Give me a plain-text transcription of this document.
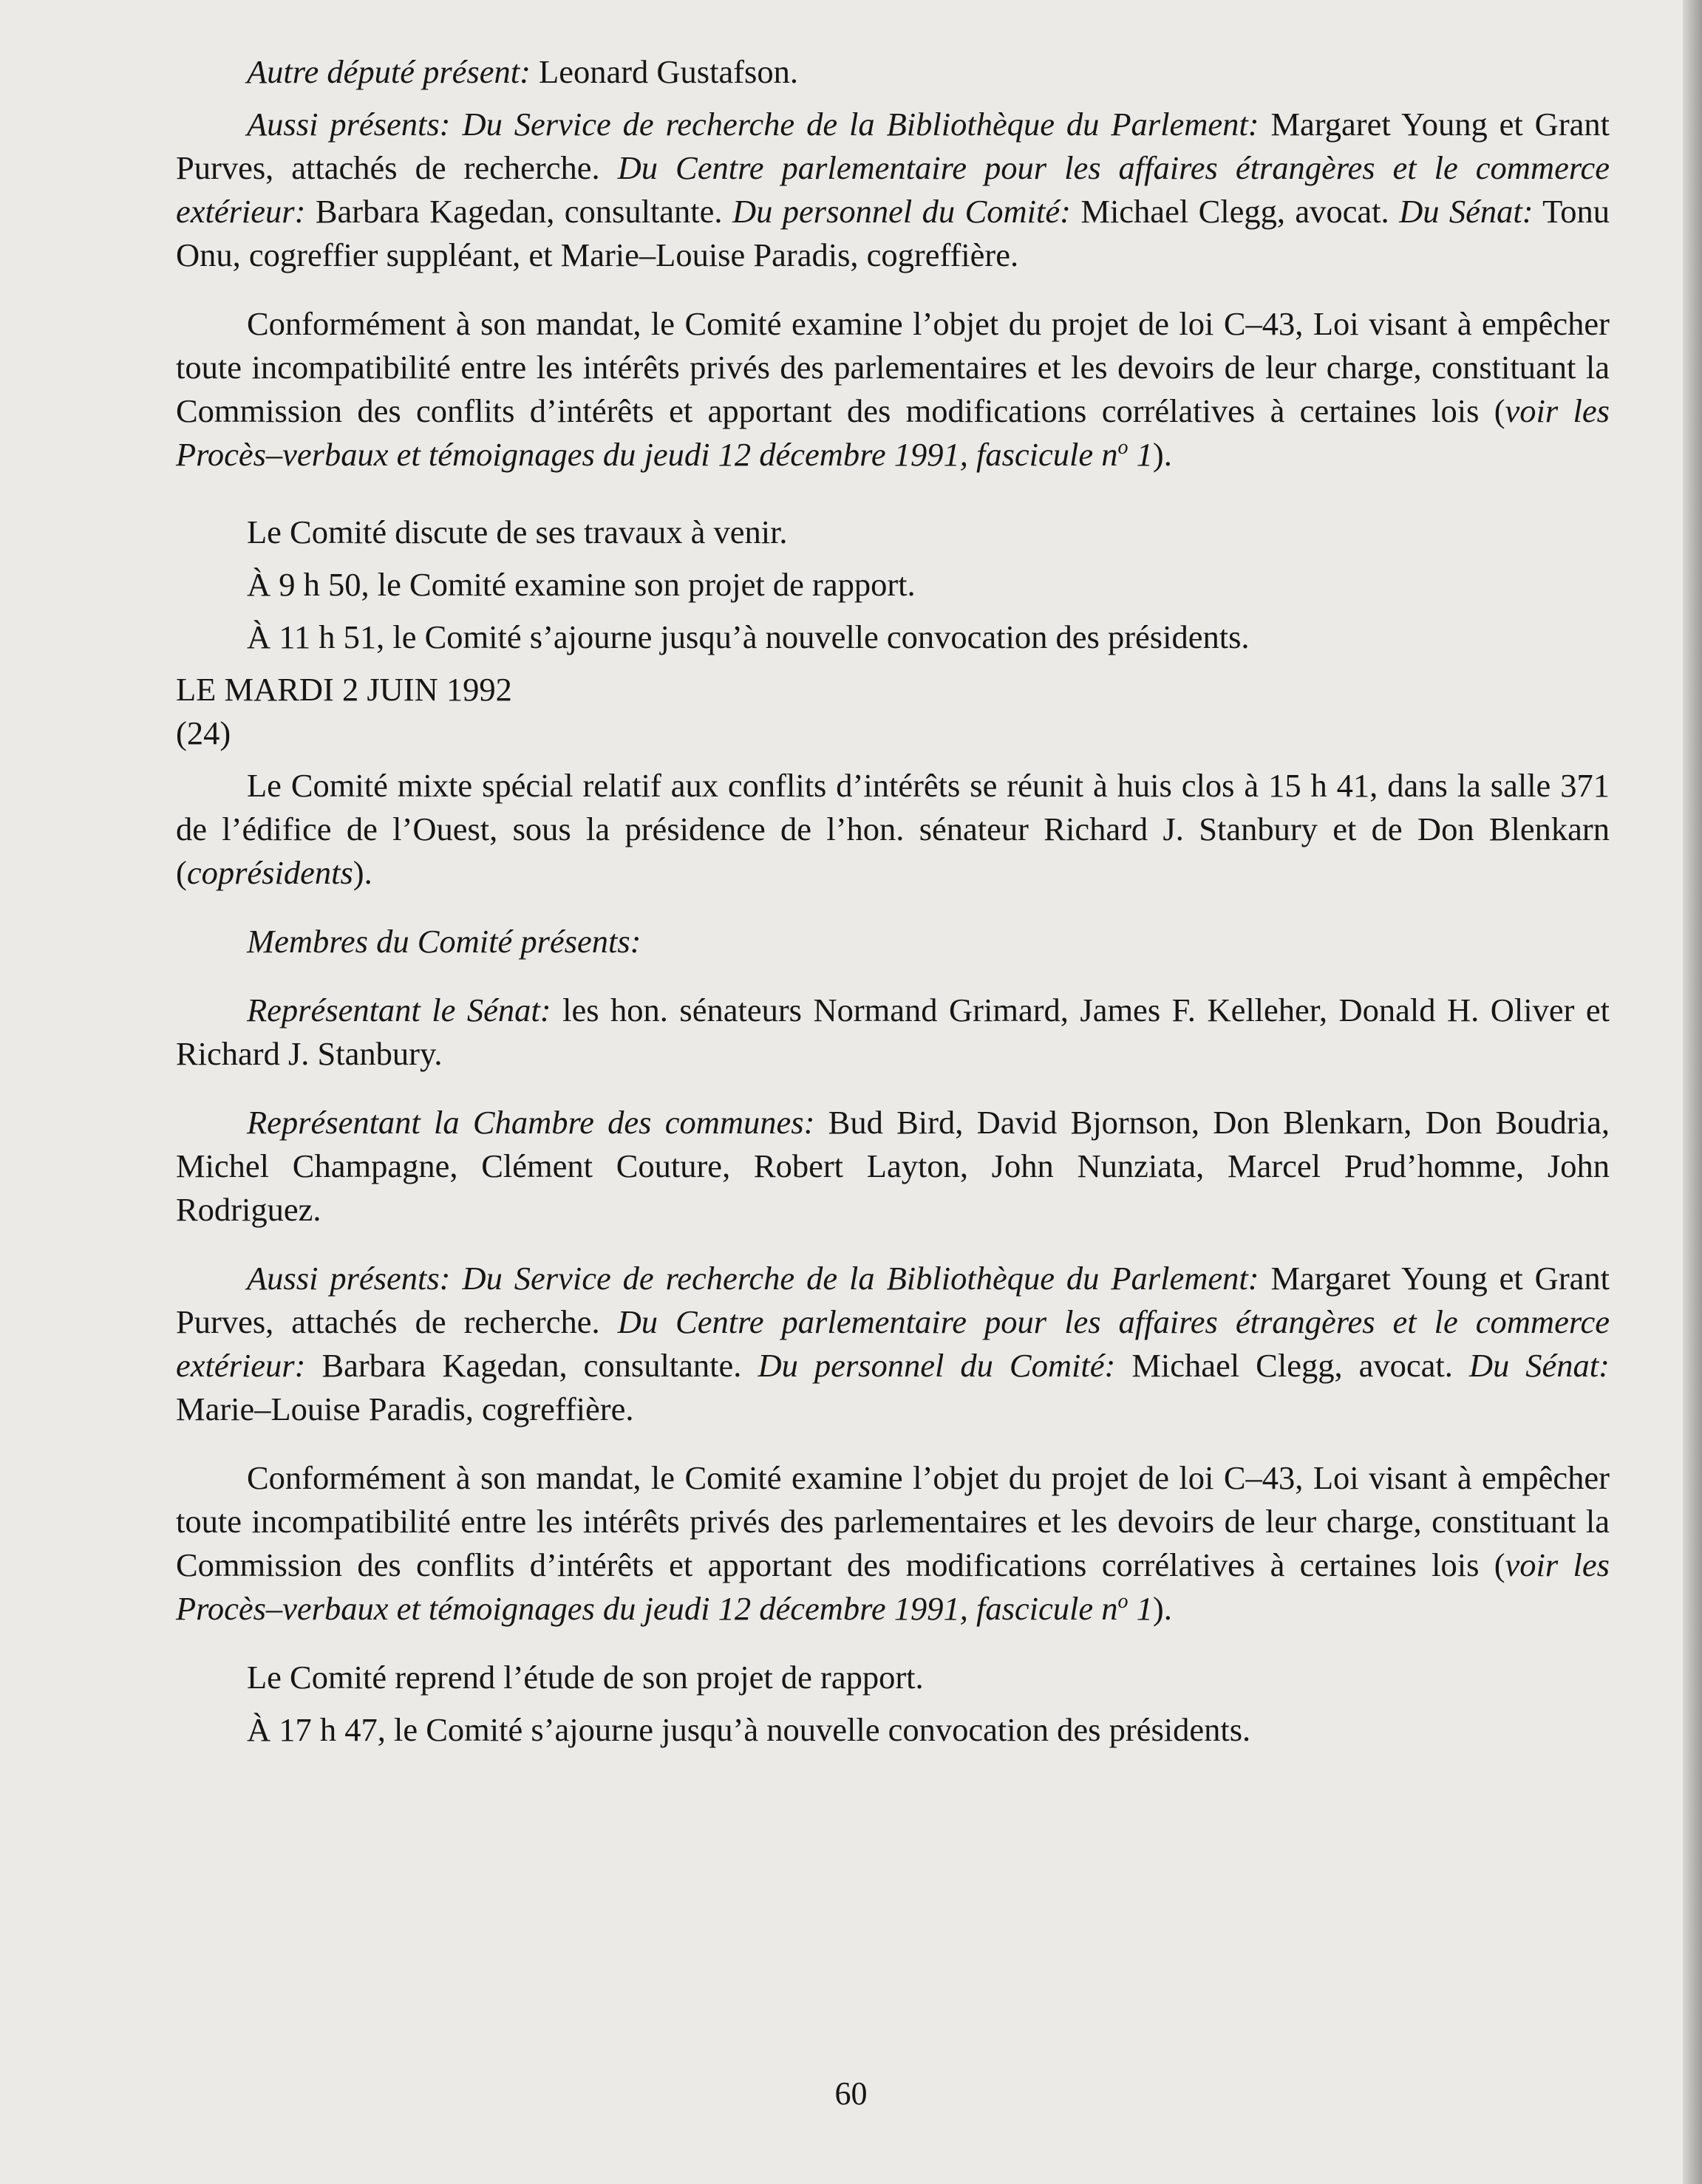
Autre député présent: Leonard Gustafson.

Aussi présents: Du Service de recherche de la Bibliothèque du Parlement: Margaret Young et Grant Purves, attachés de recherche. Du Centre parlementaire pour les affaires étrangères et le commerce extérieur: Barbara Kagedan, consultante. Du personnel du Comité: Michael Clegg, avocat. Du Sénat: Tonu Onu, cogreffier suppléant, et Marie–Louise Paradis, cogreffière.

Conformément à son mandat, le Comité examine l’objet du projet de loi C–43, Loi visant à empêcher toute incompatibilité entre les intérêts privés des parlementaires et les devoirs de leur charge, constituant la Commission des conflits d’intérêts et apportant des modifications corrélatives à certaines lois (voir les Procès–verbaux et témoignages du jeudi 12 décembre 1991, fascicule $n^o$ 1).

Le Comité discute de ses travaux à venir.

À 9 h 50, le Comité examine son projet de rapport.

À 11 h 51, le Comité s’ajourne jusqu’à nouvelle convocation des présidents.

LE MARDI 2 JUIN 1992

(24)

Le Comité mixte spécial relatif aux conflits d’intérêts se réunit à huis clos à 15 h 41, dans la salle 371 de l’édifice de l’Ouest, sous la présidence de l’hon. sénateur Richard J. Stanbury et de Don Blenkarn (coprésidents).

Membres du Comité présents:

Représentant le Sénat: les hon. sénateurs Normand Grimard, James F. Kelleher, Donald H. Oliver et Richard J. Stanbury.

Représentant la Chambre des communes: Bud Bird, David Bjornson, Don Blenkarn, Don Boudria, Michel Champagne, Clément Couture, Robert Layton, John Nunziata, Marcel Prud’homme, John Rodriguez.

Aussi présents: Du Service de recherche de la Bibliothèque du Parlement: Margaret Young et Grant Purves, attachés de recherche. Du Centre parlementaire pour les affaires étrangères et le commerce extérieur: Barbara Kagedan, consultante. Du personnel du Comité: Michael Clegg, avocat. Du Sénat: Marie–Louise Paradis, cogreffière.

Conformément à son mandat, le Comité examine l’objet du projet de loi C–43, Loi visant à empêcher toute incompatibilité entre les intérêts privés des parlementaires et les devoirs de leur charge, constituant la Commission des conflits d’intérêts et apportant des modifications corrélatives à certaines lois (voir les Procès–verbaux et témoignages du jeudi 12 décembre 1991, fascicule $n^o$ 1).

Le Comité reprend l’étude de son projet de rapport.

À 17 h 47, le Comité s’ajourne jusqu’à nouvelle convocation des présidents.

60
